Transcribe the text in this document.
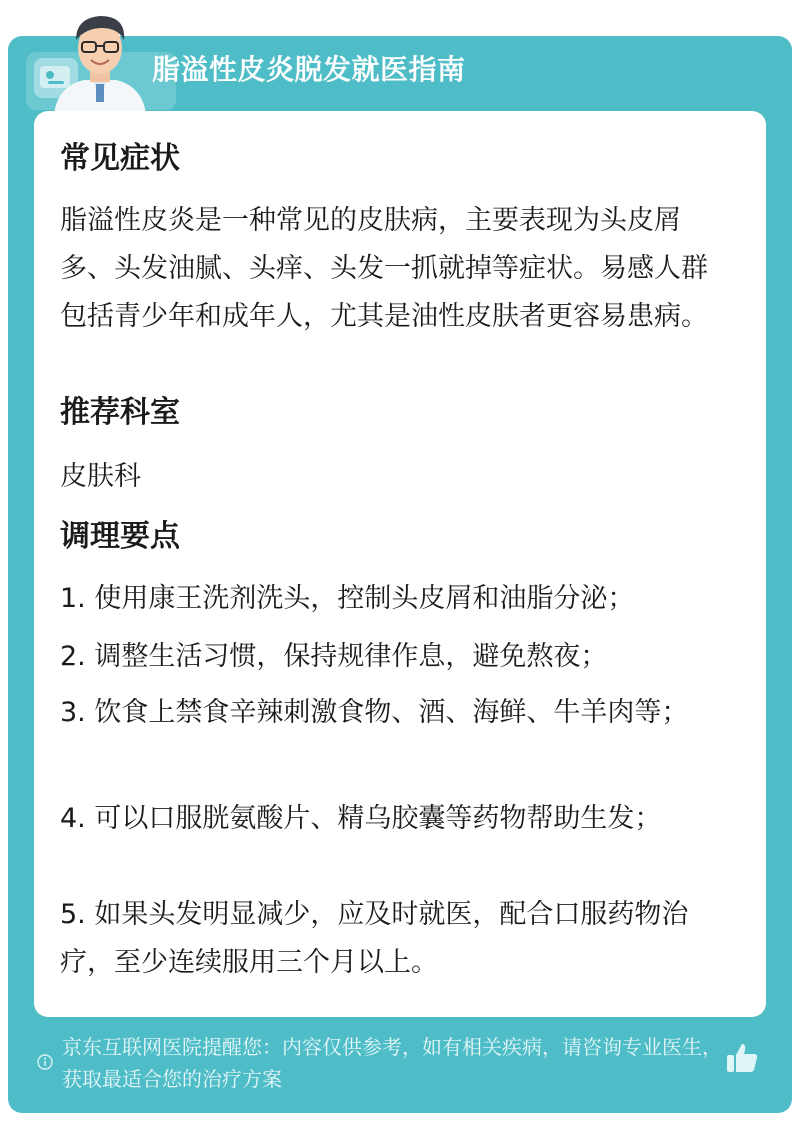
脂溢性皮炎脱发就医指南
常见症状

脂溢性皮炎是一种常见的皮肤病，主要表现为头皮屑多、头发油腻、头痒、头发一抓就掉等症状。易感人群包括青少年和成年人，尤其是油性皮肤者更容易患病。

推荐科室

皮肤科

调理要点

1. 使用康王洗剂洗头，控制头皮屑和油脂分泌；

2. 调整生活习惯，保持规律作息，避免熬夜；

3. 饮食上禁食辛辣刺激食物、酒、海鲜、牛羊肉等；

4. 可以口服胱氨酸片、精乌胶囊等药物帮助生发；

5. 如果头发明显减少，应及时就医，配合口服药物治疗，至少连续服用三个月以上。

京东互联网医院提醒您：内容仅供参考，如有相关疾病，请咨询专业医生，获取最适合您的治疗方案
